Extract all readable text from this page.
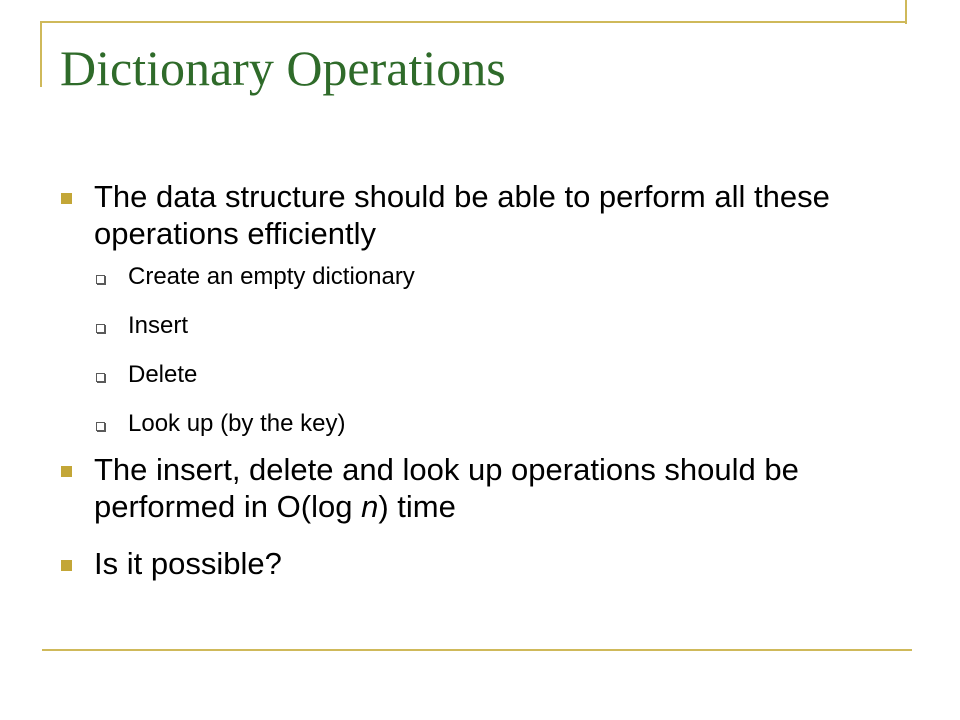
Dictionary Operations
The data structure should be able to perform all these operations efficiently
Create an empty dictionary
Insert
Delete
Look up (by the key)
The insert, delete and look up operations should be performed in O(log n) time
Is it possible?
